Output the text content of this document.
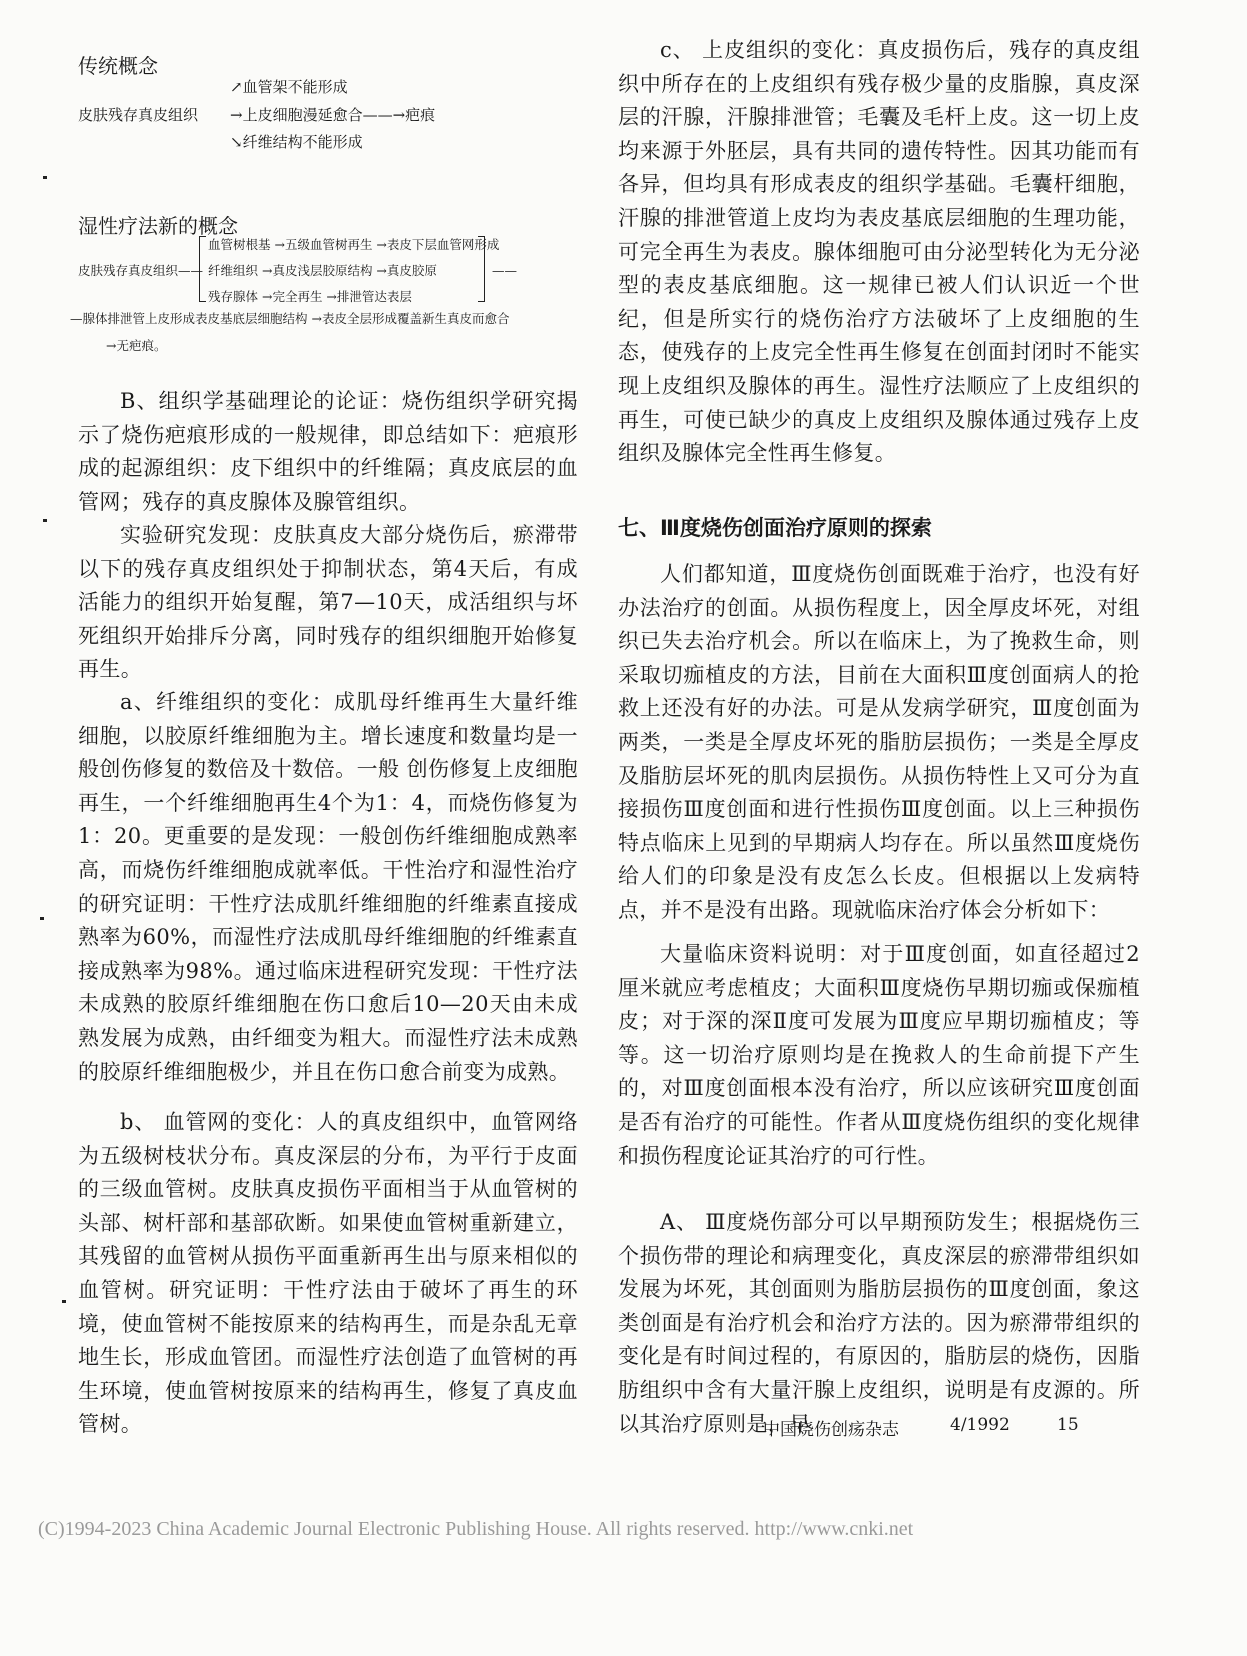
传统概念

↗血管架不能形成

皮肤残存真皮组织 →上皮细胞漫延愈合——→疤痕

↘纤维结构不能形成

湿性疗法新的概念

血管树根基 →五级血管树再生 →表皮下层血管网形成

皮肤残存真皮组织—— 纤维组织 →真皮浅层胶原结构 →真皮胶原	——

残存腺体 →完全再生 →排泄管达表层

—腺体排泄管上皮形成表皮基底层细胞结构 →表皮全层形成覆盖新生真皮而愈合

→无疤痕。

B、组织学基础理论的论证：烧伤组织学研究揭示了烧伤疤痕形成的一般规律，即总结如下：疤痕形成的起源组织：皮下组织中的纤维隔；真皮底层的血管网；残存的真皮腺体及腺管组织。

实验研究发现：皮肤真皮大部分烧伤后，瘀滞带以下的残存真皮组织处于抑制状态，第4天后，有成活能力的组织开始复醒，第7—10天，成活组织与坏死组织开始排斥分离，同时残存的组织细胞开始修复再生。

a、纤维组织的变化：成肌母纤维再生大量纤维细胞，以胶原纤维细胞为主。增长速度和数量均是一般创伤修复的数倍及十数倍。一般 创伤修复上皮细胞再生，一个纤维细胞再生4个为1：4，而烧伤修复为1：20。更重要的是发现：一般创伤纤维细胞成熟率高，而烧伤纤维细胞成就率低。干性治疗和湿性治疗的研究证明：干性疗法成肌纤维细胞的纤维素直接成熟率为60%，而湿性疗法成肌母纤维细胞的纤维素直接成熟率为98%。通过临床进程研究发现：干性疗法未成熟的胶原纤维细胞在伤口愈后10—20天由未成熟发展为成熟，由纤细变为粗大。而湿性疗法未成熟的胶原纤维细胞极少，并且在伤口愈合前变为成熟。

b、 血管网的变化：人的真皮组织中，血管网络为五级树枝状分布。真皮深层的分布，为平行于皮面的三级血管树。皮肤真皮损伤平面相当于从血管树的头部、树杆部和基部砍断。如果使血管树重新建立，其残留的血管树从损伤平面重新再生出与原来相似的血管树。研究证明：干性疗法由于破坏了再生的环境，使血管树不能按原来的结构再生，而是杂乱无章地生长，形成血管团。而湿性疗法创造了血管树的再生环境，使血管树按原来的结构再生，修复了真皮血管树。

c、 上皮组织的变化：真皮损伤后，残存的真皮组织中所存在的上皮组织有残存极少量的皮脂腺，真皮深层的汗腺，汗腺排泄管；毛囊及毛杆上皮。这一切上皮均来源于外胚层，具有共同的遗传特性。因其功能而有各异，但均具有形成表皮的组织学基础。毛囊杆细胞，汗腺的排泄管道上皮均为表皮基底层细胞的生理功能，可完全再生为表皮。腺体细胞可由分泌型转化为无分泌型的表皮基底细胞。这一规律已被人们认识近一个世纪，但是所实行的烧伤治疗方法破坏了上皮细胞的生态，使残存的上皮完全性再生修复在创面封闭时不能实现上皮组织及腺体的再生。湿性疗法顺应了上皮组织的再生，可使已缺少的真皮上皮组织及腺体通过残存上皮组织及腺体完全性再生修复。

七、Ⅲ度烧伤创面治疗原则的探索

人们都知道，Ⅲ度烧伤创面既难于治疗，也没有好办法治疗的创面。从损伤程度上，因全厚皮坏死，对组织已失去治疗机会。所以在临床上，为了挽救生命，则采取切痂植皮的方法，目前在大面积Ⅲ度创面病人的抢救上还没有好的办法。可是从发病学研究，Ⅲ度创面为两类，一类是全厚皮坏死的脂肪层损伤；一类是全厚皮及脂肪层坏死的肌肉层损伤。从损伤特性上又可分为直接损伤Ⅲ度创面和进行性损伤Ⅲ度创面。以上三种损伤特点临床上见到的早期病人均存在。所以虽然Ⅲ度烧伤给人们的印象是没有皮怎么长皮。但根据以上发病特点，并不是没有出路。现就临床治疗体会分析如下：

大量临床资料说明：对于Ⅲ度创面，如直径超过2厘米就应考虑植皮；大面积Ⅲ度烧伤早期切痂或保痂植皮；对于深的深Ⅱ度可发展为Ⅲ度应早期切痂植皮；等等。这一切治疗原则均是在挽救人的生命前提下产生的，对Ⅲ度创面根本没有治疗，所以应该研究Ⅲ度创面是否有治疗的可能性。作者从Ⅲ度烧伤组织的变化规律和损伤程度论证其治疗的可行性。

A、 Ⅲ度烧伤部分可以早期预防发生；根据烧伤三个损伤带的理论和病理变化，真皮深层的瘀滞带组织如发展为坏死，其创面则为脂肪层损伤的Ⅲ度创面，象这类创面是有治疗机会和治疗方法的。因为瘀滞带组织的变化是有时间过程的，有原因的，脂肪层的烧伤，因脂肪组织中含有大量汗腺上皮组织，说明是有皮源的。所以其治疗原则是，早

中国烧伤创疡杂志	4/1992	15
(C)1994-2023 China Academic Journal Electronic Publishing House. All rights reserved. http://www.cnki.net
